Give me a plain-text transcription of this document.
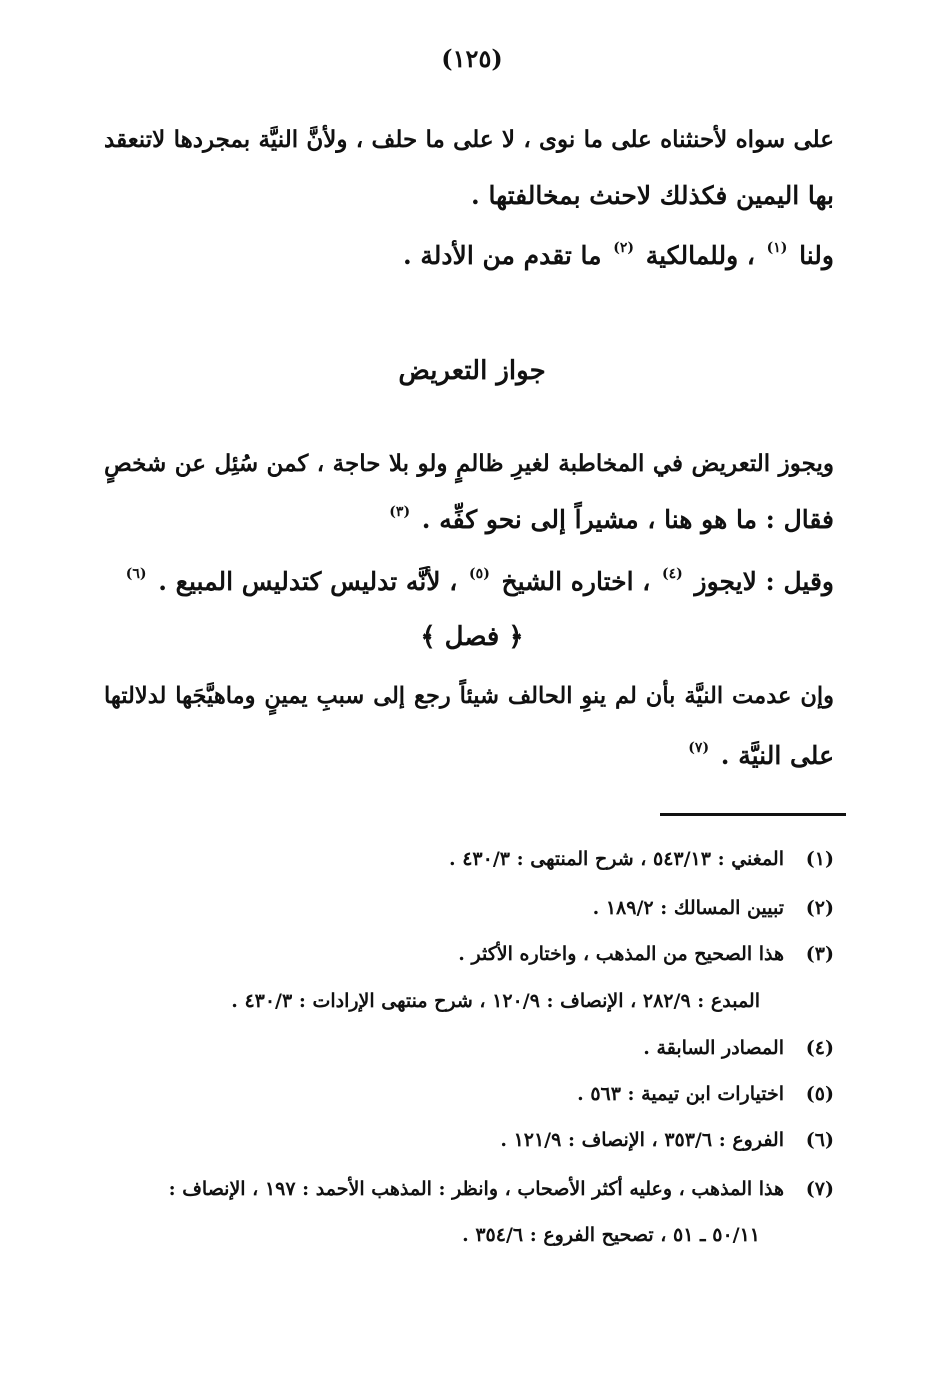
(١٢٥)
على سواه لأحنثناه على ما نوى ، لا على ما حلف ، ولأنَّ النيَّة بمجردها لاتنعقد
بها اليمين فكذلك لاحنث بمخالفتها .
ولنا $^{(١)}$ ، وللمالكية $^{(٢)}$ ما تقدم من الأدلة .
جواز التعريض
ويجوز التعريض في المخاطبة لغيرِ ظالمٍ ولو بلا حاجة ، كمن سُئِل عن شخصٍ
فقال : ما هو هنا ، مشيراً إلى نحو كفِّه . $^{(٣)}$
وقيل : لايجوز $^{(٤)}$ ، اختاره الشيخ $^{(٥)}$ ، لأنَّه تدليس كتدليس المبيع . $^{(٦)}$
﴿ فصل ﴾
وإن عدمت النيَّة بأن لم ينوِ الحالف شيئاً رجع إلى سببِ يمينٍ وماهيَّجَها لدلالتها
على النيَّة . $^{(٧)}$
(١)المغني : ٥٤٣/١٣ ، شرح المنتهى : ٤٣٠/٣ .
(٢)تبيين المسالك : ١٨٩/٢ .
(٣)هذا الصحيح من المذهب ، واختاره الأكثر .
المبدع : ٢٨٢/٩ ، الإنصاف : ١٢٠/٩ ، شرح منتهى الإرادات : ٤٣٠/٣ .
(٤)المصادر السابقة .
(٥)اختيارات ابن تيمية : ٥٦٣ .
(٦)الفروع : ٣٥٣/٦ ، الإنصاف : ١٢١/٩ .
(٧)هذا المذهب ، وعليه أكثر الأصحاب ، وانظر : المذهب الأحمد : ١٩٧ ، الإنصاف :
٥٠/١١ ـ ٥١ ، تصحيح الفروع : ٣٥٤/٦ .
